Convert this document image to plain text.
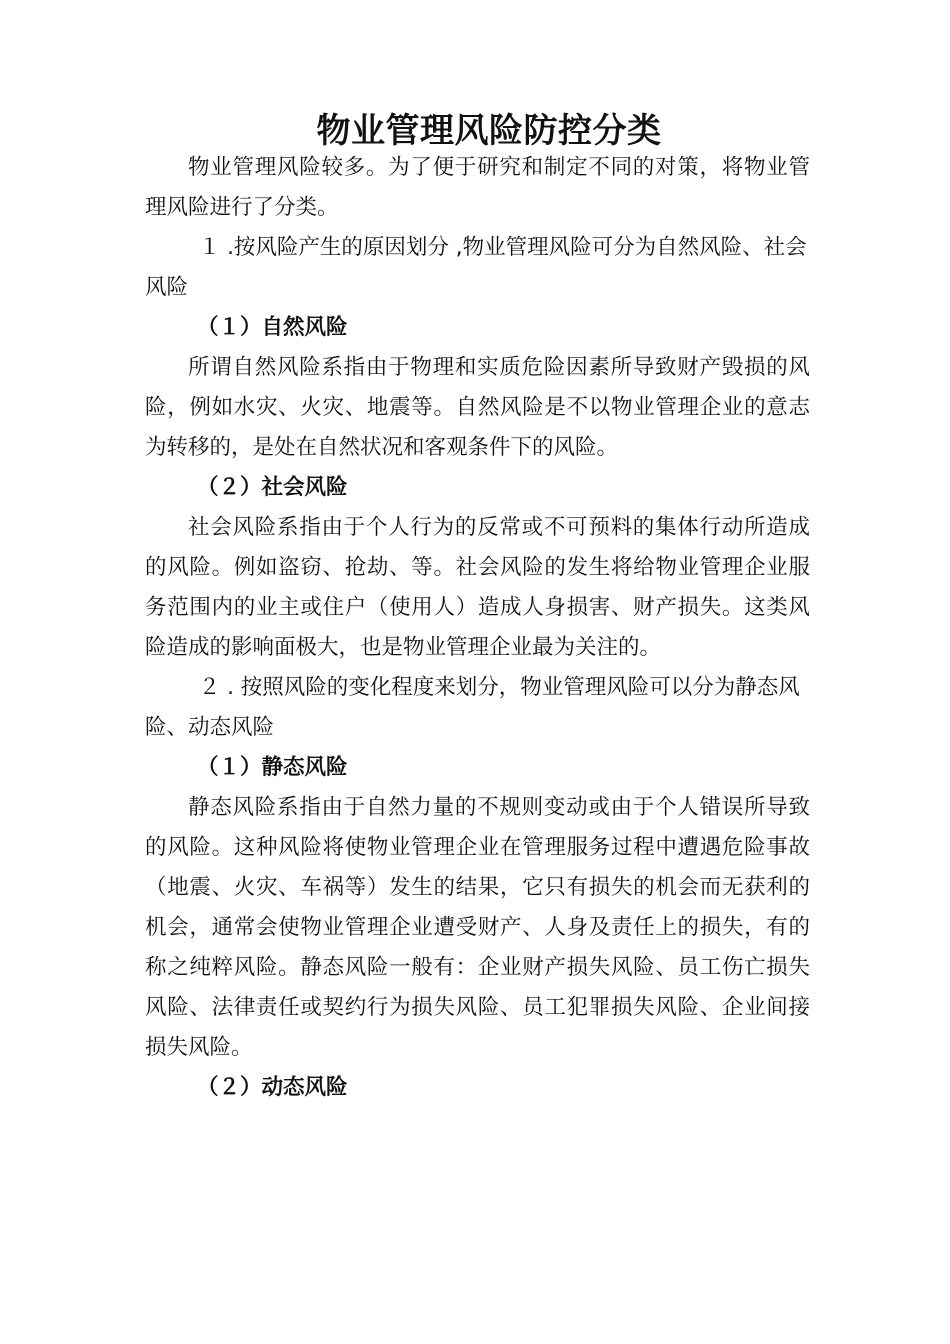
物业管理风险防控分类

物业管理风险较多。为了便于研究和制定不同的对策，将物业管理风险进行了分类。

１ .按风险产生的原因划分 ,物业管理风险可分为自然风险、社会风险

（１）自然风险

所谓自然风险系指由于物理和实质危险因素所导致财产毁损的风险，例如水灾、火灾、地震等。自然风险是不以物业管理企业的意志为转移的，是处在自然状况和客观条件下的风险。

（２）社会风险

社会风险系指由于个人行为的反常或不可预料的集体行动所造成的风险。例如盗窃、抢劫、等。社会风险的发生将给物业管理企业服务范围内的业主或住户（使用人）造成人身损害、财产损失。这类风险造成的影响面极大，也是物业管理企业最为关注的。

２ . 按照风险的变化程度来划分，物业管理风险可以分为静态风险、动态风险

（１）静态风险

静态风险系指由于自然力量的不规则变动或由于个人错误所导致的风险。这种风险将使物业管理企业在管理服务过程中遭遇危险事故（地震、火灾、车祸等）发生的结果，它只有损失的机会而无获利的机会，通常会使物业管理企业遭受财产、人身及责任上的损失，有的称之纯粹风险。静态风险一般有：企业财产损失风险、员工伤亡损失风险、法律责任或契约行为损失风险、员工犯罪损失风险、企业间接损失风险。

（２）动态风险
